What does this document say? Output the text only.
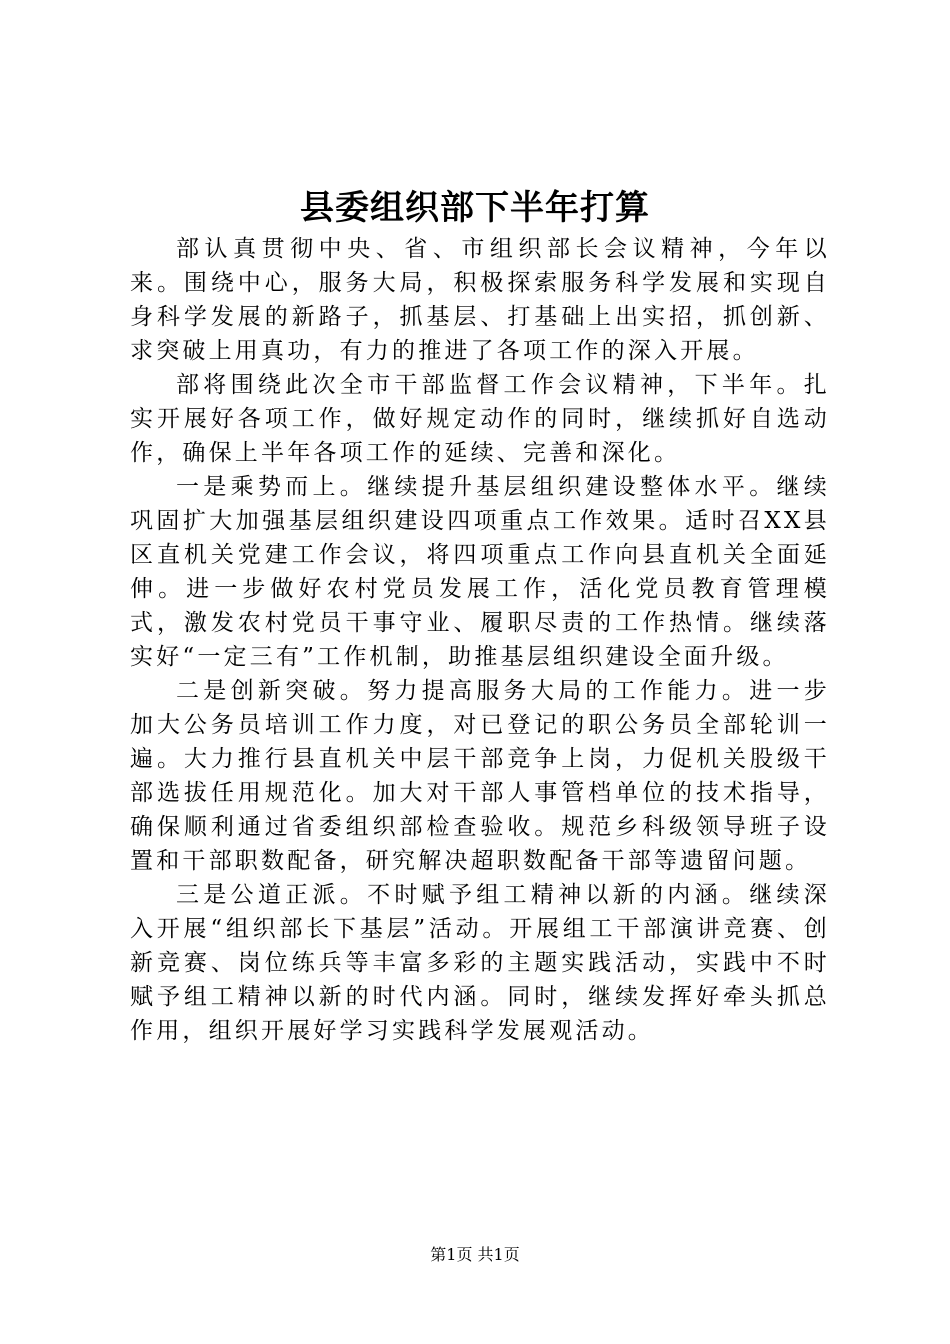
县委组织部下半年打算

部认真贯彻中央、省、市组织部长会议精神，今年以来。围绕中心，服务大局，积极探索服务科学发展和实现自身科学发展的新路子，抓基层、打基础上出实招，抓创新、求突破上用真功，有力的推进了各项工作的深入开展。

部将围绕此次全市干部监督工作会议精神，下半年。扎实开展好各项工作，做好规定动作的同时，继续抓好自选动作，确保上半年各项工作的延续、完善和深化。

一是乘势而上。继续提升基层组织建设整体水平。继续巩固扩大加强基层组织建设四项重点工作效果。适时召XX县区直机关党建工作会议，将四项重点工作向县直机关全面延伸。进一步做好农村党员发展工作，活化党员教育管理模式，激发农村党员干事守业、履职尽责的工作热情。继续落实好“一定三有”工作机制，助推基层组织建设全面升级。

二是创新突破。努力提高服务大局的工作能力。进一步加大公务员培训工作力度，对已登记的职公务员全部轮训一遍。大力推行县直机关中层干部竞争上岗，力促机关股级干部选拔任用规范化。加大对干部人事管档单位的技术指导，确保顺利通过省委组织部检查验收。规范乡科级领导班子设置和干部职数配备，研究解决超职数配备干部等遗留问题。

三是公道正派。不时赋予组工精神以新的内涵。继续深入开展“组织部长下基层”活动。开展组工干部演讲竞赛、创新竞赛、岗位练兵等丰富多彩的主题实践活动，实践中不时赋予组工精神以新的时代内涵。同时，继续发挥好牵头抓总作用，组织开展好学习实践科学发展观活动。

第1页 共1页
